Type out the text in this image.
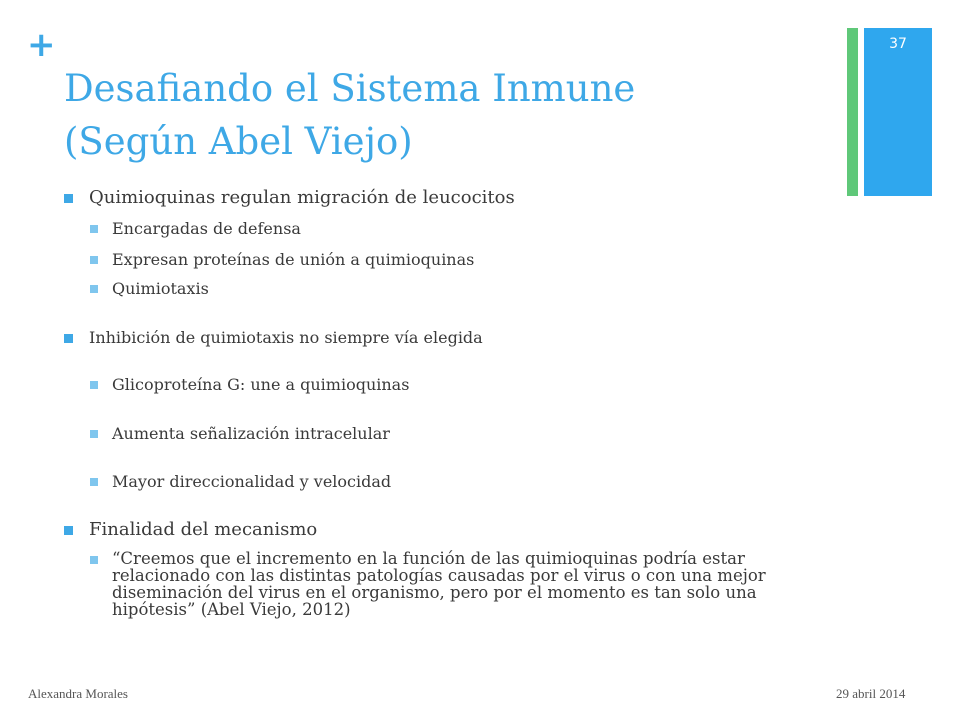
+
Desafiando el Sistema Inmune
(Según Abel Viejo)
37
Quimioquinas regulan migración de leucocitos
Encargadas de defensa
Expresan proteínas de unión a quimioquinas
Quimiotaxis
Inhibición de quimiotaxis no siempre vía elegida
Glicoproteína G: une a quimioquinas
Aumenta señalización intracelular
Mayor direccionalidad y velocidad
Finalidad del mecanismo
“Creemos que el incremento en la función de las quimioquinas podría estar relacionado con las distintas patologías causadas por el virus o con una mejor diseminación del virus en el organismo, pero por el momento es tan solo una hipótesis” (Abel Viejo, 2012)
Alexandra Morales	29 abril 2014
